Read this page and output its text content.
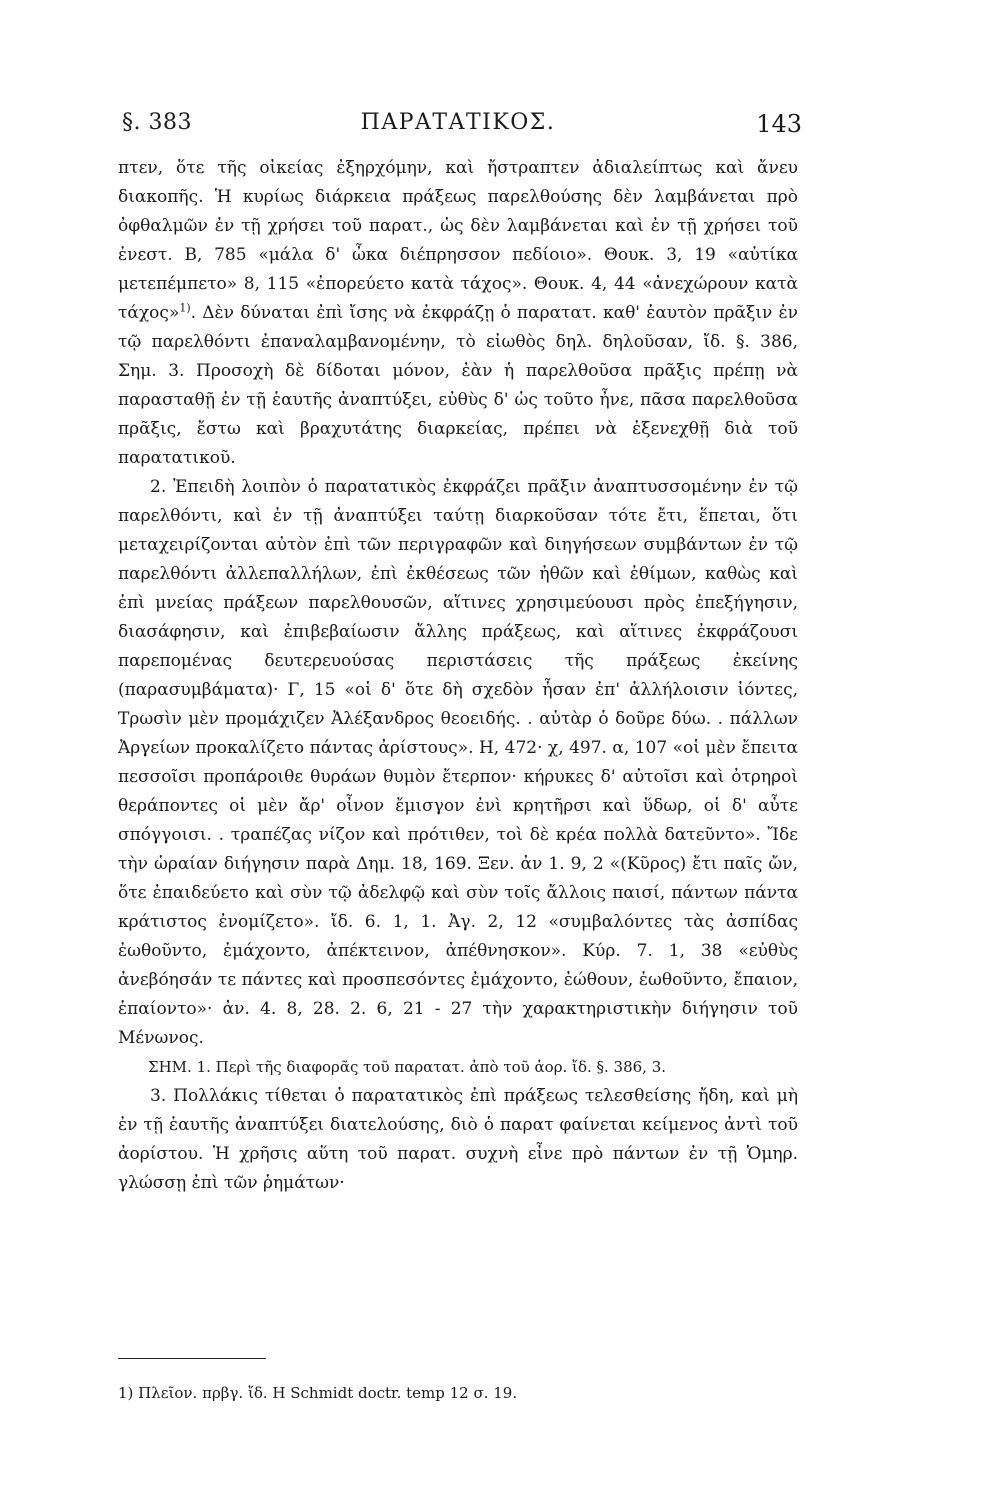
§. 383	ΠΑΡΑΤΑΤΙΚΟΣ.	143

πτεν, ὅτε τῆς οἰκείας ἐξηρχόμην, καὶ ἤστραπτεν ἀδιαλείπτως καὶ ἄνευ διακοπῆς. Ἡ κυρίως διάρκεια πράξεως παρελθούσης δὲν λαμβάνεται πρὸ ὀφθαλμῶν ἐν τῇ χρήσει τοῦ παρατ., ὡς δὲν λαμβάνεται καὶ ἐν τῇ χρήσει τοῦ ἐνεστ. Β, 785 «μάλα δ' ὦκα διέπρησσον πεδίοιο». Θουκ. 3, 19 «αὐτίκα μετεπέμπετο» 8, 115 «ἐπορεύετο κατὰ τάχος». Θουκ. 4, 44 «ἀνεχώρουν κατὰ τάχος»$^{1)}$. Δὲν δύναται ἐπὶ ἴσης νὰ ἐκφράζῃ ὁ παρατατ. καθ' ἑαυτὸν πρᾶξιν ἐν τῷ παρελθόντι ἐπαναλαμβανομένην, τὸ εἰωθὸς δηλ. δηλοῦσαν, ἴδ. §. 386, Σημ. 3. Προσοχὴ δὲ δίδοται μόνον, ἐὰν ἡ παρελθοῦσα πρᾶξις πρέπῃ νὰ παρασταθῇ ἐν τῇ ἑαυτῆς ἀναπτύξει, εὐθὺς δ' ὡς τοῦτο ἦνε, πᾶσα παρελθοῦσα πρᾶξις, ἔστω καὶ βραχυτάτης διαρκείας, πρέπει νὰ ἐξενεχθῇ διὰ τοῦ παρατατικοῦ.

2. Ἐπειδὴ λοιπὸν ὁ παρατατικὸς ἐκφράζει πρᾶξιν ἀναπτυσσομένην ἐν τῷ παρελθόντι, καὶ ἐν τῇ ἀναπτύξει ταύτῃ διαρκοῦσαν τότε ἔτι, ἕπεται, ὅτι μεταχειρίζονται αὐτὸν ἐπὶ τῶν περιγραφῶν καὶ διηγήσεων συμβάντων ἐν τῷ παρελθόντι ἀλλεπαλλήλων, ἐπὶ ἐκθέσεως τῶν ἠθῶν καὶ ἐθίμων, καθὼς καὶ ἐπὶ μνείας πράξεων παρελθουσῶν, αἵτινες χρησιμεύουσι πρὸς ἐπεξήγησιν, διασάφησιν, καὶ ἐπιβεβαίωσιν ἄλλης πράξεως, καὶ αἵτινες ἐκφράζουσι παρεπομένας δευτερευούσας περιστάσεις τῆς πράξεως ἐκείνης (παρασυμβάματα)· Γ, 15 «οἱ δ' ὅτε δὴ σχεδὸν ἦσαν ἐπ' ἀλλήλοισιν ἰόντες, Τρωσὶν μὲν προμάχιζεν Ἀλέξανδρος θεοειδής. . αὐτὰρ ὁ δοῦρε δύω. . πάλλων Ἀργείων προκαλίζετο πάντας ἀρίστους». Η, 472· χ, 497. α, 107 «οἱ μὲν ἔπειτα πεσσοῖσι προπάροιθε θυράων θυμὸν ἔτερπον· κήρυκες δ' αὐτοῖσι καὶ ὀτρηροὶ θεράποντες οἱ μὲν ἄρ' οἶνον ἔμισγον ἐνὶ κρητῆρσι καὶ ὕδωρ, οἱ δ' αὖτε σπόγγοισι. . τραπέζας νίζον καὶ πρότιθεν, τοὶ δὲ κρέα πολλὰ δατεῦντο». Ἴδε τὴν ὡραίαν διήγησιν παρὰ Δημ. 18, 169. Ξεν. ἀν 1. 9, 2 «(Κῦρος) ἔτι παῖς ὤν, ὅτε ἐπαιδεύετο καὶ σὺν τῷ ἀδελφῷ καὶ σὺν τοῖς ἄλλοις παισί, πάντων πάντα κράτιστος ἐνομίζετο». ἴδ. 6. 1, 1. Ἀγ. 2, 12 «συμβαλόντες τὰς ἀσπίδας ἐωθοῦντο, ἐμάχοντο, ἀπέκτεινον, ἀπέθνησκον». Κύρ. 7. 1, 38 «εὐθὺς ἀνεβόησάν τε πάντες καὶ προσπεσόντες ἐμάχοντο, ἐώθουν, ἐωθοῦντο, ἔπαιον, ἐπαίοντο»· ἀν. 4. 8, 28. 2. 6, 21 - 27 τὴν χαρακτηριστικὴν διήγησιν τοῦ Μένωνος.

ΣΗΜ. 1. Περὶ τῆς διαφορᾶς τοῦ παρατατ. ἀπὸ τοῦ ἀορ. ἴδ. §. 386, 3.

3. Πολλάκις τίθεται ὁ παρατατικὸς ἐπὶ πράξεως τελεσθείσης ἤδη, καὶ μὴ ἐν τῇ ἑαυτῆς ἀναπτύξει διατελούσης, διὸ ὁ παρατ φαίνεται κείμενος ἀντὶ τοῦ ἀορίστου. Ἡ χρῆσις αὕτη τοῦ παρατ. συχνὴ εἶνε πρὸ πάντων ἐν τῇ Ὁμηρ. γλώσσῃ ἐπὶ τῶν ῥημάτων·

1) Πλεῖον. πρβγ. ἴδ. H Schmidt doctr. temp 12 σ. 19.
